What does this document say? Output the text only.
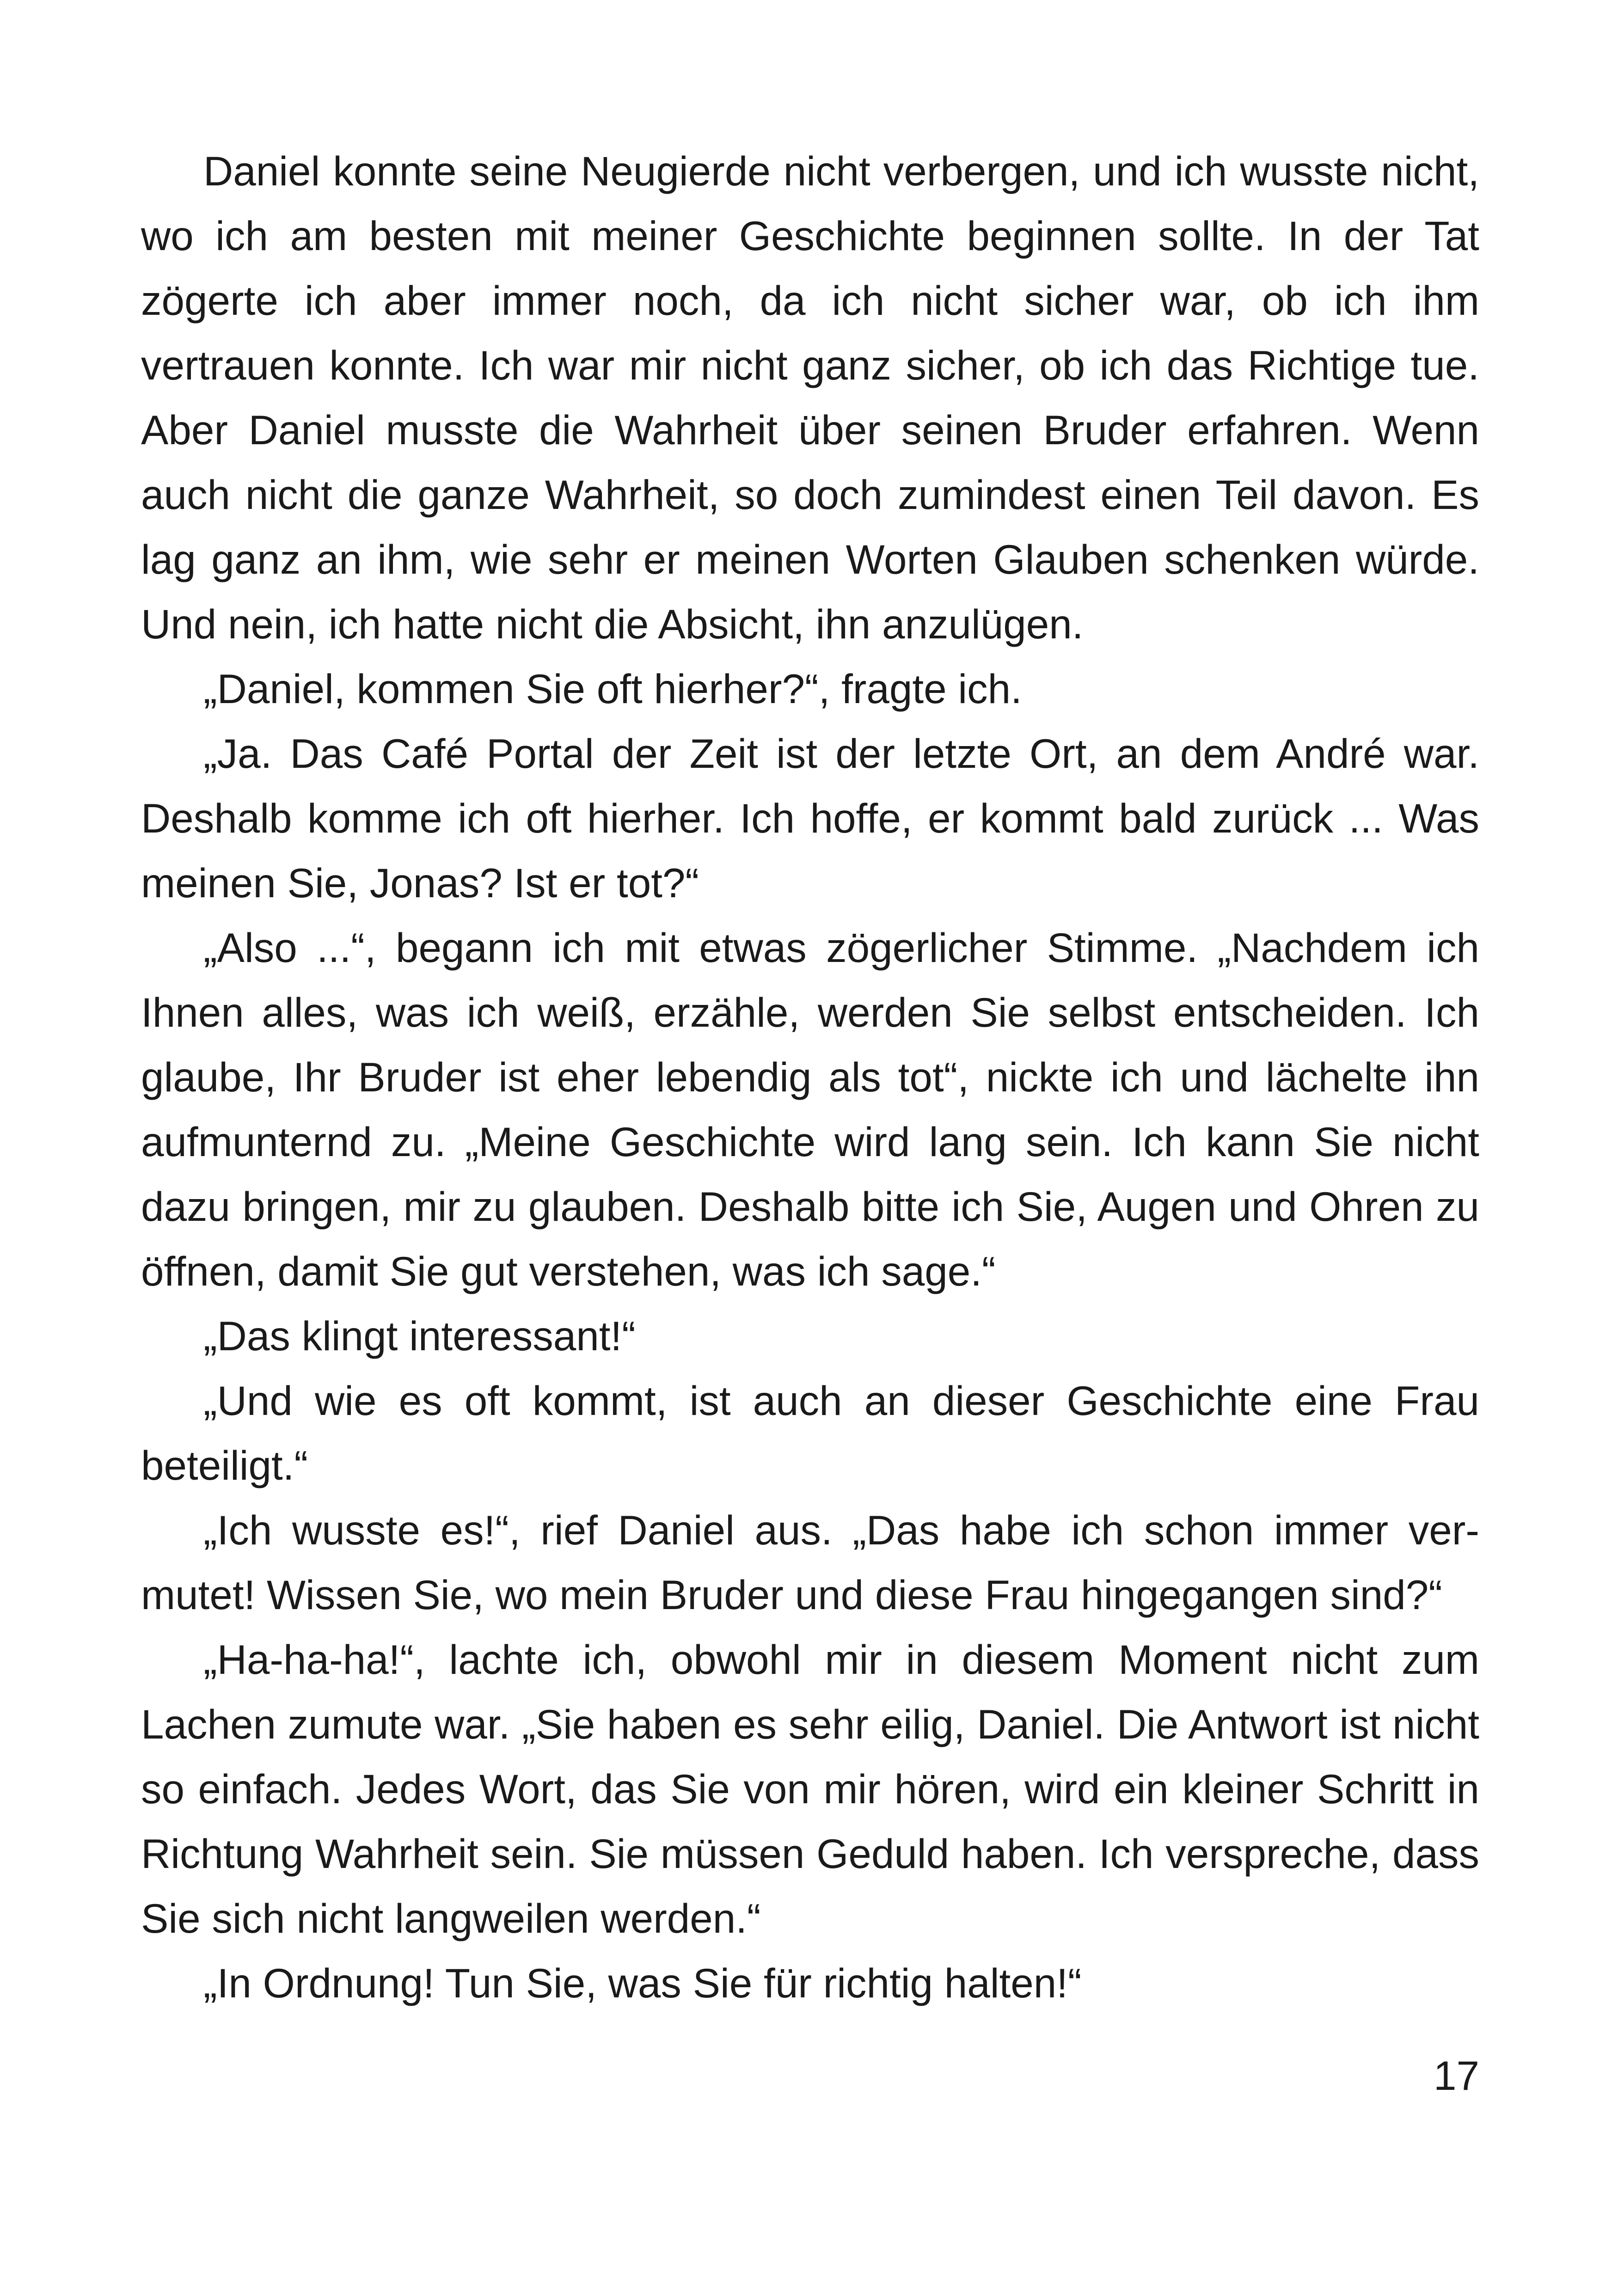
Daniel konnte seine Neugierde nicht verbergen, und ich wusste nicht, wo ich am besten mit meiner Geschichte beginnen sollte. In der Tat zögerte ich aber immer noch, da ich nicht sicher war, ob ich ihm vertrauen konnte. Ich war mir nicht ganz sicher, ob ich das Richtige tue. Aber Daniel musste die Wahrheit über seinen Bruder erfahren. Wenn auch nicht die ganze Wahrheit, so doch zumindest einen Teil davon. Es lag ganz an ihm, wie sehr er meinen Worten Glauben schenken würde. Und nein, ich hatte nicht die Absicht, ihn anzulügen.

„Daniel, kommen Sie oft hierher?“, fragte ich.

„Ja. Das Café Portal der Zeit ist der letzte Ort, an dem André war. Deshalb komme ich oft hierher. Ich hoffe, er kommt bald zurück ... Was meinen Sie, Jonas? Ist er tot?“

„Also ...“, begann ich mit etwas zögerlicher Stimme. „Nachdem ich Ihnen alles, was ich weiß, erzähle, werden Sie selbst entscheiden. Ich glaube, Ihr Bruder ist eher lebendig als tot“, nickte ich und lächelte ihn aufmunternd zu. „Meine Geschichte wird lang sein. Ich kann Sie nicht dazu bringen, mir zu glauben. Deshalb bitte ich Sie, Augen und Ohren zu öffnen, damit Sie gut verstehen, was ich sage.“

„Das klingt interessant!“

„Und wie es oft kommt, ist auch an dieser Geschichte eine Frau beteiligt.“

„Ich wusste es!“, rief Daniel aus. „Das habe ich schon immer vermutet! Wissen Sie, wo mein Bruder und diese Frau hingegangen sind?“

„Ha-ha-ha!“, lachte ich, obwohl mir in diesem Moment nicht zum Lachen zumute war. „Sie haben es sehr eilig, Daniel. Die Antwort ist nicht so einfach. Jedes Wort, das Sie von mir hören, wird ein kleiner Schritt in Richtung Wahrheit sein. Sie müssen Geduld haben. Ich verspreche, dass Sie sich nicht langweilen werden.“

„In Ordnung! Tun Sie, was Sie für richtig halten!“

17
